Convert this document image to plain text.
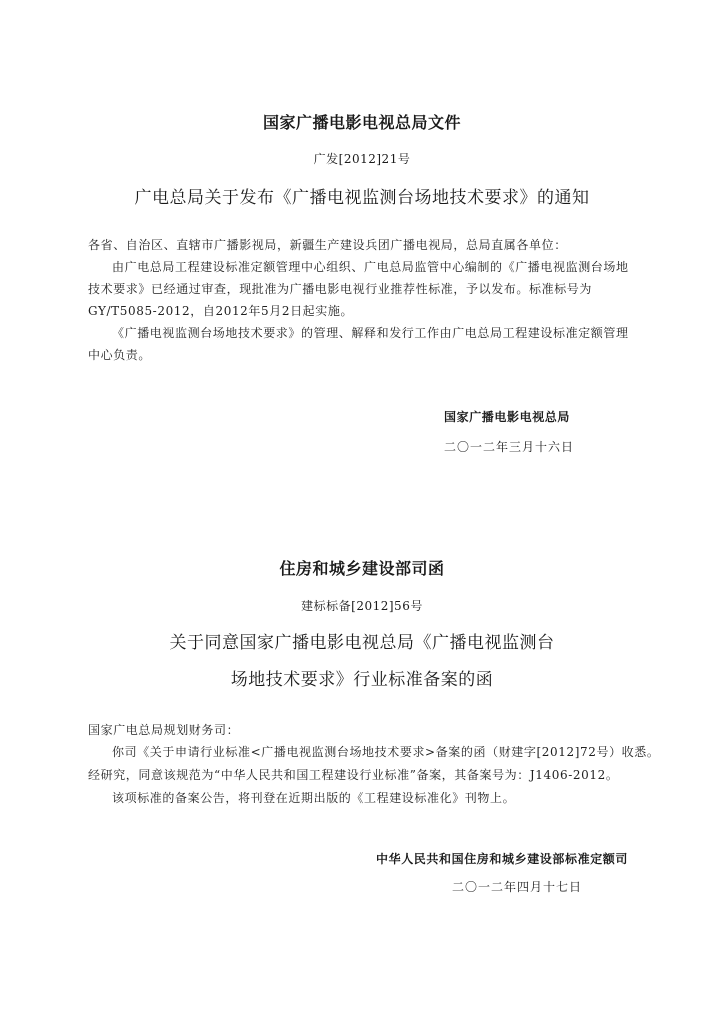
国家广播电影电视总局文件

广发[2012]21号

广电总局关于发布《广播电视监测台场地技术要求》的通知

各省、自治区、直辖市广播影视局，新疆生产建设兵团广播电视局，总局直属各单位：

由广电总局工程建设标准定额管理中心组织、广电总局监管中心编制的《广播电视监测台场地

技术要求》已经通过审查，现批准为广播电影电视行业推荐性标准，予以发布。标准标号为

GY/T5085-2012，自2012年5月2日起实施。

《广播电视监测台场地技术要求》的管理、解释和发行工作由广电总局工程建设标准定额管理

中心负责。

国家广播电影电视总局

二〇一二年三月十六日

住房和城乡建设部司函

建标标备[2012]56号

关于同意国家广播电影电视总局《广播电视监测台

场地技术要求》行业标准备案的函

国家广电总局规划财务司：

你司《关于申请行业标准<广播电视监测台场地技术要求>备案的函（财建字[2012]72号）收悉。

经研究，同意该规范为“中华人民共和国工程建设行业标准”备案，其备案号为：J1406-2012。

该项标准的备案公告，将刊登在近期出版的《工程建设标准化》刊物上。

中华人民共和国住房和城乡建设部标准定额司

二〇一二年四月十七日
